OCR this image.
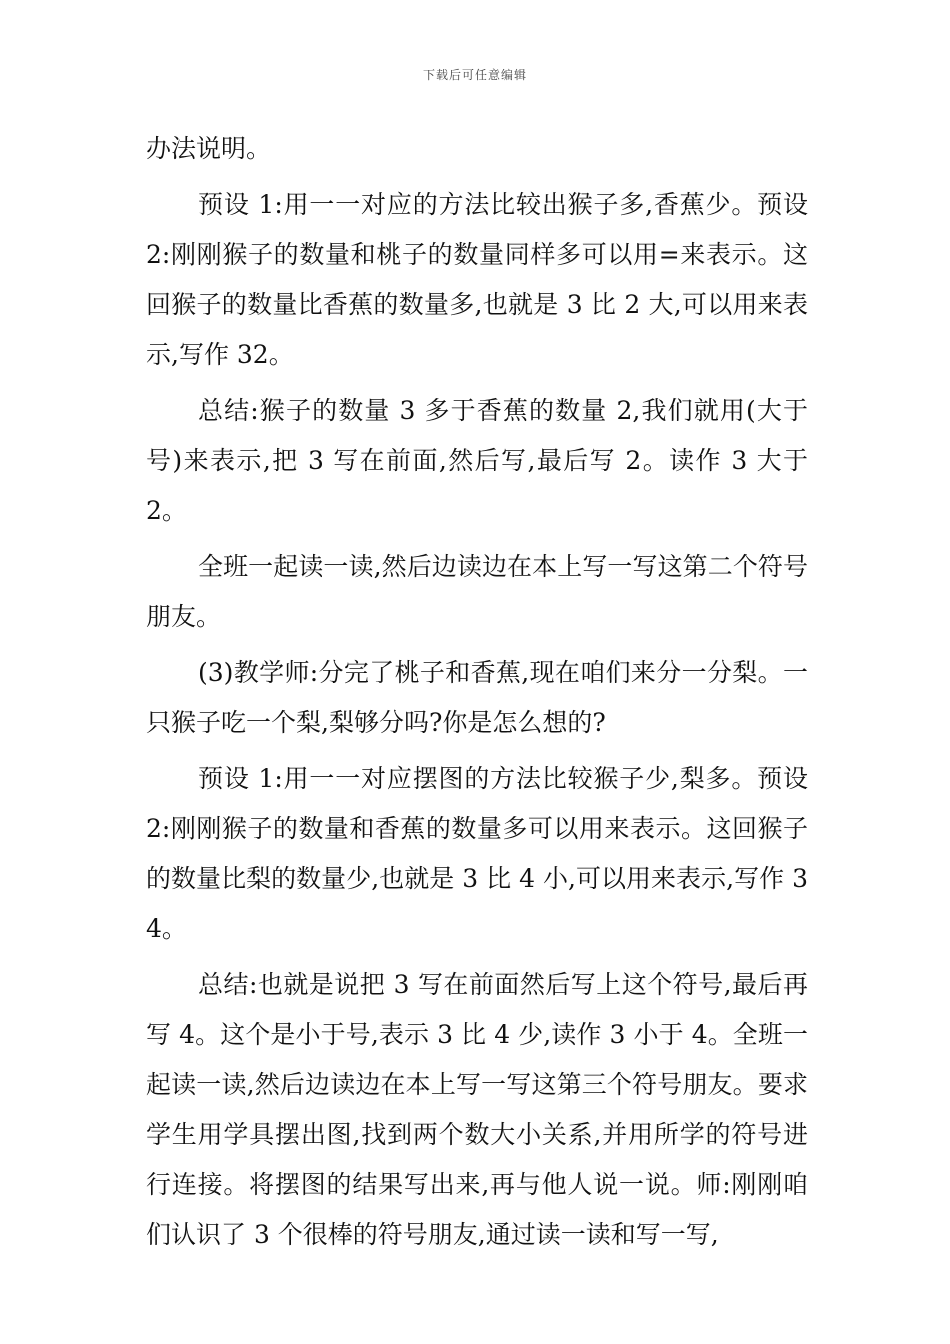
下载后可任意编辑

办法说明。

预设 1:用一一对应的方法比较出猴子多,香蕉少。预设 2:刚刚猴子的数量和桃子的数量同样多可以用=来表示。这回猴子的数量比香蕉的数量多,也就是 3 比 2 大,可以用来表示,写作 32。

总结:猴子的数量 3 多于香蕉的数量 2,我们就用(大于号)来表示,把 3 写在前面,然后写,最后写 2。读作 3 大于 2。

全班一起读一读,然后边读边在本上写一写这第二个符号朋友。

(3)教学师:分完了桃子和香蕉,现在咱们来分一分梨。一只猴子吃一个梨,梨够分吗?你是怎么想的?

预设 1:用一一对应摆图的方法比较猴子少,梨多。预设 2:刚刚猴子的数量和香蕉的数量多可以用来表示。这回猴子的数量比梨的数量少,也就是 3 比 4 小,可以用来表示,写作 34。

总结:也就是说把 3 写在前面然后写上这个符号,最后再写 4。这个是小于号,表示 3 比 4 少,读作 3 小于 4。全班一起读一读,然后边读边在本上写一写这第三个符号朋友。要求学生用学具摆出图,找到两个数大小关系,并用所学的符号进行连接。将摆图的结果写出来,再与他人说一说。师:刚刚咱们认识了 3 个很棒的符号朋友,通过读一读和写一写,
